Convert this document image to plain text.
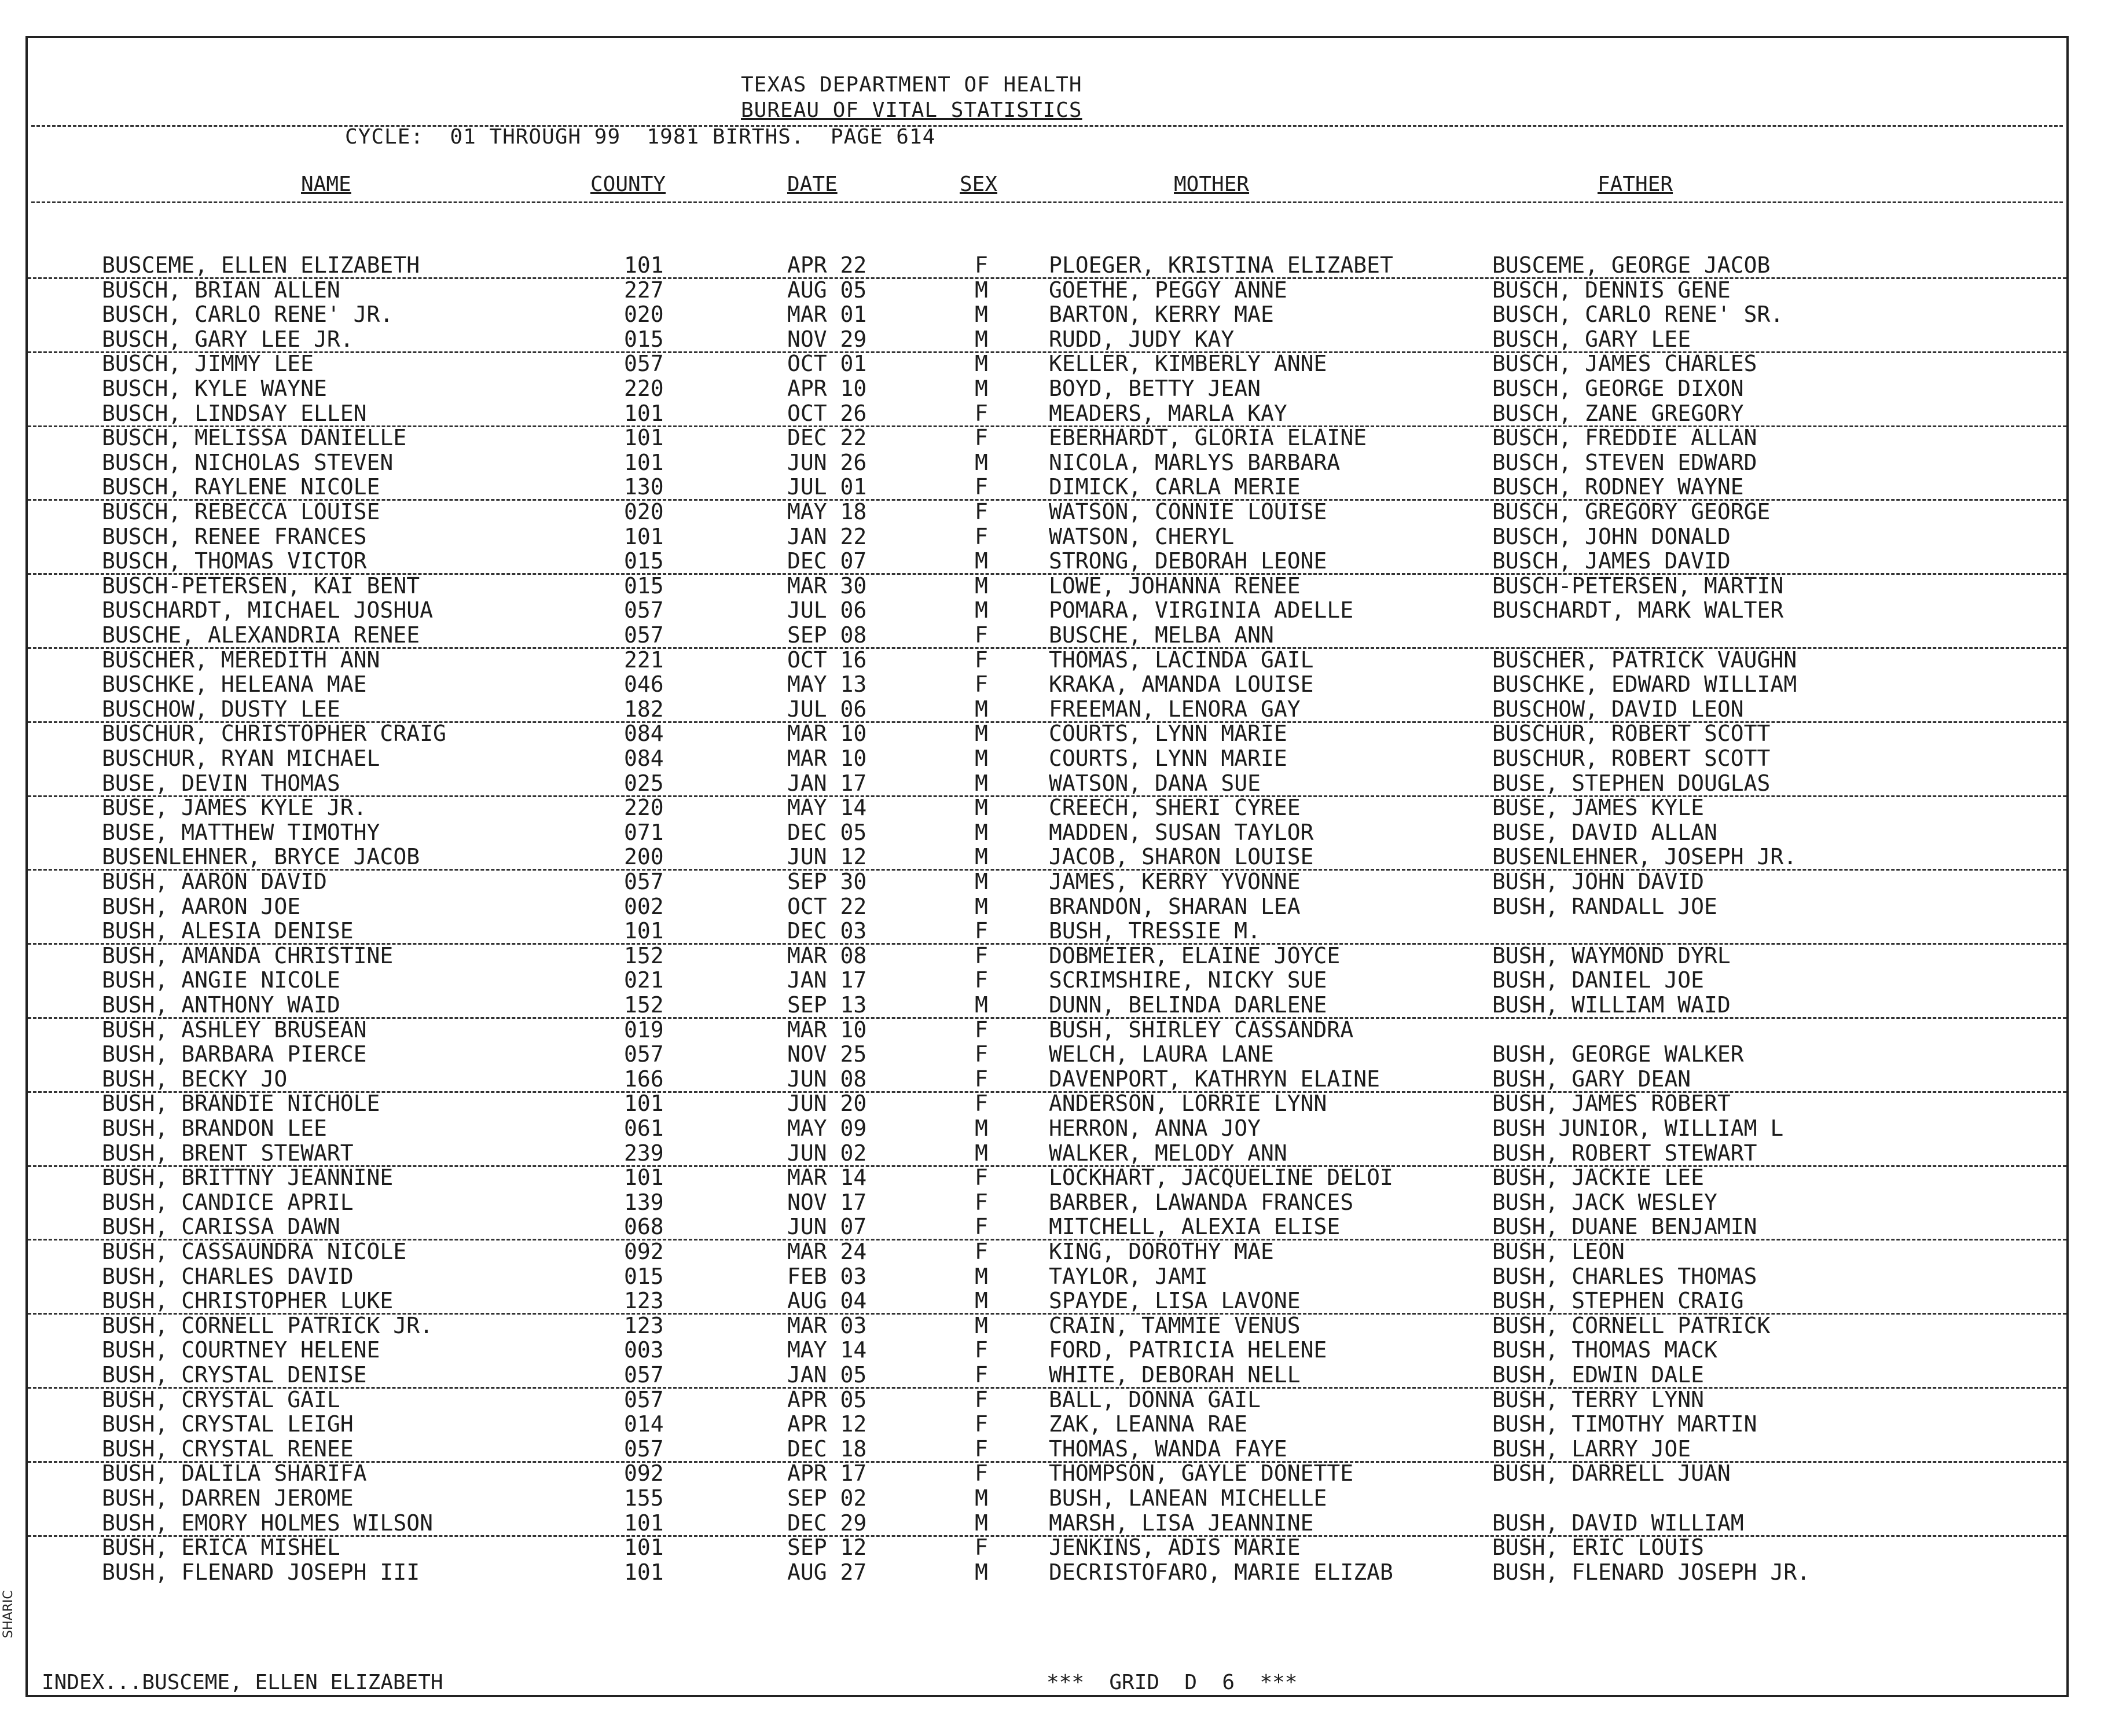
TEXAS DEPARTMENT OF HEALTH
BUREAU OF VITAL STATISTICS
CYCLE:  01 THROUGH 99  1981 BIRTHS.  PAGE 614
NAME	COUNTY	DATE	SEX	MOTHER	FATHER
BUSCEME, ELLEN ELIZABETH	101	APR 22	F	PLOEGER, KRISTINA ELIZABET	BUSCEME, GEORGE JACOB
BUSCH, BRIAN ALLEN	227	AUG 05	M	GOETHE, PEGGY ANNE	BUSCH, DENNIS GENE
BUSCH, CARLO RENE' JR.	020	MAR 01	M	BARTON, KERRY MAE	BUSCH, CARLO RENE' SR.
BUSCH, GARY LEE JR.	015	NOV 29	M	RUDD, JUDY KAY	BUSCH, GARY LEE
BUSCH, JIMMY LEE	057	OCT 01	M	KELLER, KIMBERLY ANNE	BUSCH, JAMES CHARLES
BUSCH, KYLE WAYNE	220	APR 10	M	BOYD, BETTY JEAN	BUSCH, GEORGE DIXON
BUSCH, LINDSAY ELLEN	101	OCT 26	F	MEADERS, MARLA KAY	BUSCH, ZANE GREGORY
BUSCH, MELISSA DANIELLE	101	DEC 22	F	EBERHARDT, GLORIA ELAINE	BUSCH, FREDDIE ALLAN
BUSCH, NICHOLAS STEVEN	101	JUN 26	M	NICOLA, MARLYS BARBARA	BUSCH, STEVEN EDWARD
BUSCH, RAYLENE NICOLE	130	JUL 01	F	DIMICK, CARLA MERIE	BUSCH, RODNEY WAYNE
BUSCH, REBECCA LOUISE	020	MAY 18	F	WATSON, CONNIE LOUISE	BUSCH, GREGORY GEORGE
BUSCH, RENEE FRANCES	101	JAN 22	F	WATSON, CHERYL	BUSCH, JOHN DONALD
BUSCH, THOMAS VICTOR	015	DEC 07	M	STRONG, DEBORAH LEONE	BUSCH, JAMES DAVID
BUSCH-PETERSEN, KAI BENT	015	MAR 30	M	LOWE, JOHANNA RENEE	BUSCH-PETERSEN, MARTIN
BUSCHARDT, MICHAEL JOSHUA	057	JUL 06	M	POMARA, VIRGINIA ADELLE	BUSCHARDT, MARK WALTER
BUSCHE, ALEXANDRIA RENEE	057	SEP 08	F	BUSCHE, MELBA ANN
BUSCHER, MEREDITH ANN	221	OCT 16	F	THOMAS, LACINDA GAIL	BUSCHER, PATRICK VAUGHN
BUSCHKE, HELEANA MAE	046	MAY 13	F	KRAKA, AMANDA LOUISE	BUSCHKE, EDWARD WILLIAM
BUSCHOW, DUSTY LEE	182	JUL 06	M	FREEMAN, LENORA GAY	BUSCHOW, DAVID LEON
BUSCHUR, CHRISTOPHER CRAIG	084	MAR 10	M	COURTS, LYNN MARIE	BUSCHUR, ROBERT SCOTT
BUSCHUR, RYAN MICHAEL	084	MAR 10	M	COURTS, LYNN MARIE	BUSCHUR, ROBERT SCOTT
BUSE, DEVIN THOMAS	025	JAN 17	M	WATSON, DANA SUE	BUSE, STEPHEN DOUGLAS
BUSE, JAMES KYLE JR.	220	MAY 14	M	CREECH, SHERI CYREE	BUSE, JAMES KYLE
BUSE, MATTHEW TIMOTHY	071	DEC 05	M	MADDEN, SUSAN TAYLOR	BUSE, DAVID ALLAN
BUSENLEHNER, BRYCE JACOB	200	JUN 12	M	JACOB, SHARON LOUISE	BUSENLEHNER, JOSEPH JR.
BUSH, AARON DAVID	057	SEP 30	M	JAMES, KERRY YVONNE	BUSH, JOHN DAVID
BUSH, AARON JOE	002	OCT 22	M	BRANDON, SHARAN LEA	BUSH, RANDALL JOE
BUSH, ALESIA DENISE	101	DEC 03	F	BUSH, TRESSIE M.
BUSH, AMANDA CHRISTINE	152	MAR 08	F	DOBMEIER, ELAINE JOYCE	BUSH, WAYMOND DYRL
BUSH, ANGIE NICOLE	021	JAN 17	F	SCRIMSHIRE, NICKY SUE	BUSH, DANIEL JOE
BUSH, ANTHONY WAID	152	SEP 13	M	DUNN, BELINDA DARLENE	BUSH, WILLIAM WAID
BUSH, ASHLEY BRUSEAN	019	MAR 10	F	BUSH, SHIRLEY CASSANDRA
BUSH, BARBARA PIERCE	057	NOV 25	F	WELCH, LAURA LANE	BUSH, GEORGE WALKER
BUSH, BECKY JO	166	JUN 08	F	DAVENPORT, KATHRYN ELAINE	BUSH, GARY DEAN
BUSH, BRANDIE NICHOLE	101	JUN 20	F	ANDERSON, LORRIE LYNN	BUSH, JAMES ROBERT
BUSH, BRANDON LEE	061	MAY 09	M	HERRON, ANNA JOY	BUSH JUNIOR, WILLIAM L
BUSH, BRENT STEWART	239	JUN 02	M	WALKER, MELODY ANN	BUSH, ROBERT STEWART
BUSH, BRITTNY JEANNINE	101	MAR 14	F	LOCKHART, JACQUELINE DELOI	BUSH, JACKIE LEE
BUSH, CANDICE APRIL	139	NOV 17	F	BARBER, LAWANDA FRANCES	BUSH, JACK WESLEY
BUSH, CARISSA DAWN	068	JUN 07	F	MITCHELL, ALEXIA ELISE	BUSH, DUANE BENJAMIN
BUSH, CASSAUNDRA NICOLE	092	MAR 24	F	KING, DOROTHY MAE	BUSH, LEON
BUSH, CHARLES DAVID	015	FEB 03	M	TAYLOR, JAMI	BUSH, CHARLES THOMAS
BUSH, CHRISTOPHER LUKE	123	AUG 04	M	SPAYDE, LISA LAVONE	BUSH, STEPHEN CRAIG
BUSH, CORNELL PATRICK JR.	123	MAR 03	M	CRAIN, TAMMIE VENUS	BUSH, CORNELL PATRICK
BUSH, COURTNEY HELENE	003	MAY 14	F	FORD, PATRICIA HELENE	BUSH, THOMAS MACK
BUSH, CRYSTAL DENISE	057	JAN 05	F	WHITE, DEBORAH NELL	BUSH, EDWIN DALE
BUSH, CRYSTAL GAIL	057	APR 05	F	BALL, DONNA GAIL	BUSH, TERRY LYNN
BUSH, CRYSTAL LEIGH	014	APR 12	F	ZAK, LEANNA RAE	BUSH, TIMOTHY MARTIN
BUSH, CRYSTAL RENEE	057	DEC 18	F	THOMAS, WANDA FAYE	BUSH, LARRY JOE
BUSH, DALILA SHARIFA	092	APR 17	F	THOMPSON, GAYLE DONETTE	BUSH, DARRELL JUAN
BUSH, DARREN JEROME	155	SEP 02	M	BUSH, LANEAN MICHELLE
BUSH, EMORY HOLMES WILSON	101	DEC 29	M	MARSH, LISA JEANNINE	BUSH, DAVID WILLIAM
BUSH, ERICA MISHEL	101	SEP 12	F	JENKINS, ADIS MARIE	BUSH, ERIC LOUIS
BUSH, FLENARD JOSEPH III	101	AUG 27	M	DECRISTOFARO, MARIE ELIZAB	BUSH, FLENARD JOSEPH JR.
INDEX...BUSCEME, ELLEN ELIZABETH	***  GRID  D  6  ***
SHARIC
